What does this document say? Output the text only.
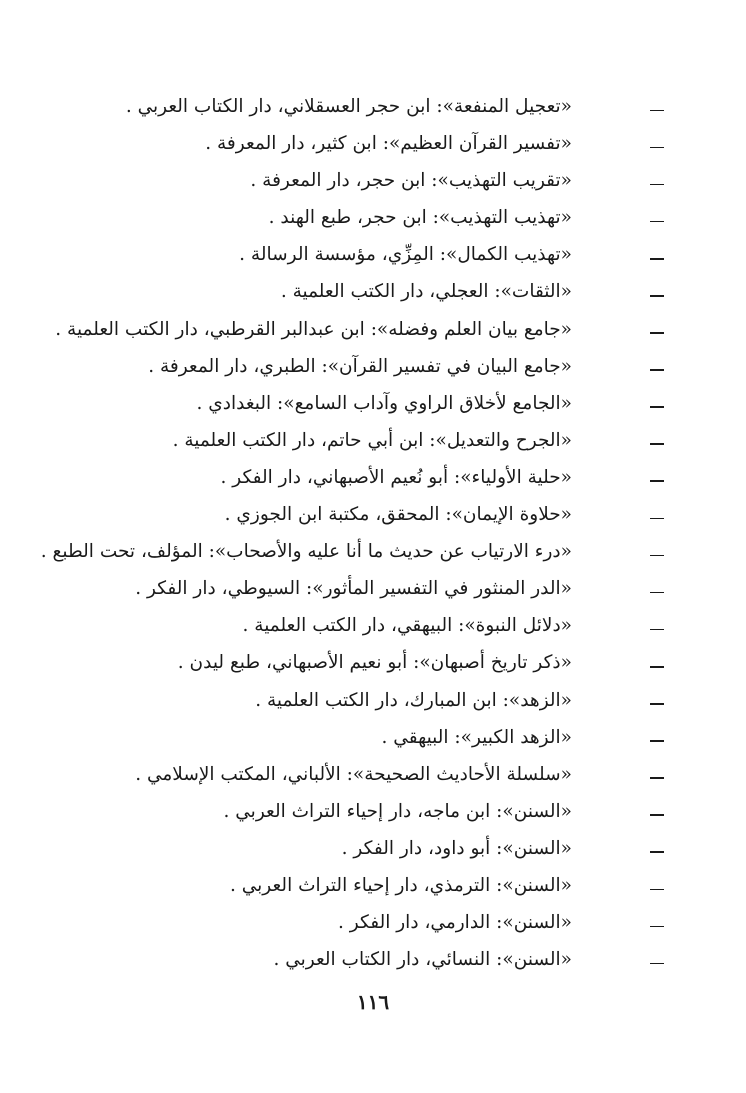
«تعجيل المنفعة»: ابن حجر العسقلاني، دار الكتاب العربي .
«تفسير القرآن العظيم»: ابن كثير، دار المعرفة .
«تقريب التهذيب»: ابن حجر، دار المعرفة .
«تهذيب التهذيب»: ابن حجر، طبع الهند .
«تهذيب الكمال»: المِزِّي، مؤسسة الرسالة .
«الثقات»: العجلي، دار الكتب العلمية .
«جامع بيان العلم وفضله»: ابن عبدالبر القرطبي، دار الكتب العلمية .
«جامع البيان في تفسير القرآن»: الطبري، دار المعرفة .
«الجامع لأخلاق الراوي وآداب السامع»: البغدادي .
«الجرح والتعديل»: ابن أبي حاتم، دار الكتب العلمية .
«حلية الأولياء»: أبو نُعيم الأصبهاني، دار الفكر .
«حلاوة الإيمان»: المحقق، مكتبة ابن الجوزي .
«درء الارتياب عن حديث ما أنا عليه والأصحاب»: المؤلف، تحت الطبع .
«الدر المنثور في التفسير المأثور»: السيوطي، دار الفكر .
«دلائل النبوة»: البيهقي، دار الكتب العلمية .
«ذكر تاريخ أصبهان»: أبو نعيم الأصبهاني، طبع ليدن .
«الزهد»: ابن المبارك، دار الكتب العلمية .
«الزهد الكبير»: البيهقي .
«سلسلة الأحاديث الصحيحة»: الألباني، المكتب الإسلامي .
«السنن»: ابن ماجه، دار إحياء التراث العربي .
«السنن»: أبو داود، دار الفكر .
«السنن»: الترمذي، دار إحياء التراث العربي .
«السنن»: الدارمي، دار الفكر .
«السنن»: النسائي، دار الكتاب العربي .
١١٦
